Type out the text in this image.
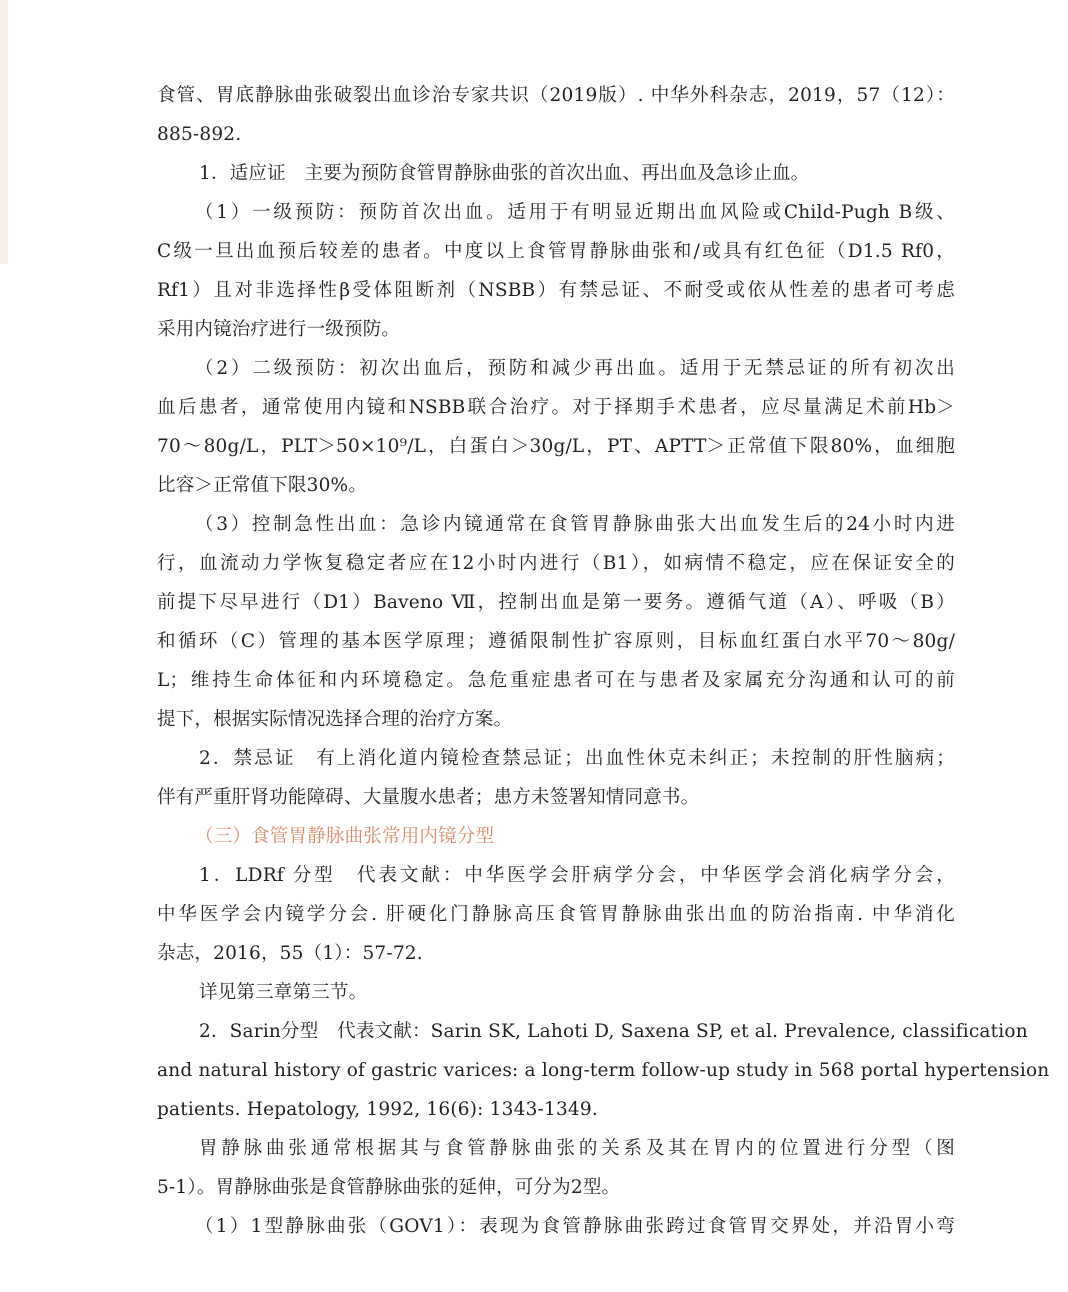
食管、胃底静脉曲张破裂出血诊治专家共识（2019版）. 中华外科杂志，2019，57（12）：
885-892.
1．适应证　主要为预防食管胃静脉曲张的首次出血、再出血及急诊止血。
（1）一级预防：预防首次出血。适用于有明显近期出血风险或Child-Pugh B级、
C级一旦出血预后较差的患者。中度以上食管胃静脉曲张和/或具有红色征（D1.5 Rf0，
Rf1）且对非选择性β受体阻断剂（NSBB）有禁忌证、不耐受或依从性差的患者可考虑
采用内镜治疗进行一级预防。
（2）二级预防：初次出血后，预防和减少再出血。适用于无禁忌证的所有初次出
血后患者，通常使用内镜和NSBB联合治疗。对于择期手术患者，应尽量满足术前Hb＞
70～80g/L，PLT＞50×10⁹/L，白蛋白＞30g/L，PT、APTT＞正常值下限80%，血细胞
比容＞正常值下限30%。
（3）控制急性出血：急诊内镜通常在食管胃静脉曲张大出血发生后的24小时内进
行，血流动力学恢复稳定者应在12小时内进行（B1），如病情不稳定，应在保证安全的
前提下尽早进行（D1）Baveno Ⅶ，控制出血是第一要务。遵循气道（A）、呼吸（B）
和循环（C）管理的基本医学原理；遵循限制性扩容原则，目标血红蛋白水平70～80g/
L；维持生命体征和内环境稳定。急危重症患者可在与患者及家属充分沟通和认可的前
提下，根据实际情况选择合理的治疗方案。
2．禁忌证　有上消化道内镜检查禁忌证；出血性休克未纠正；未控制的肝性脑病；
伴有严重肝肾功能障碍、大量腹水患者；患方未签署知情同意书。
（三）食管胃静脉曲张常用内镜分型
1．LDRf 分型　代表文献：中华医学会肝病学分会，中华医学会消化病学分会，
中华医学会内镜学分会. 肝硬化门静脉高压食管胃静脉曲张出血的防治指南. 中华消化
杂志，2016，55（1）：57-72.
详见第三章第三节。
2．Sarin分型　代表文献：Sarin SK, Lahoti D, Saxena SP, et al. Prevalence, classification
and natural history of gastric varices: a long-term follow-up study in 568 portal hypertension
patients. Hepatology, 1992, 16(6): 1343-1349.
胃静脉曲张通常根据其与食管静脉曲张的关系及其在胃内的位置进行分型（图
5-1）。胃静脉曲张是食管静脉曲张的延伸，可分为2型。
（1）1型静脉曲张（GOV1）：表现为食管静脉曲张跨过食管胃交界处，并沿胃小弯
